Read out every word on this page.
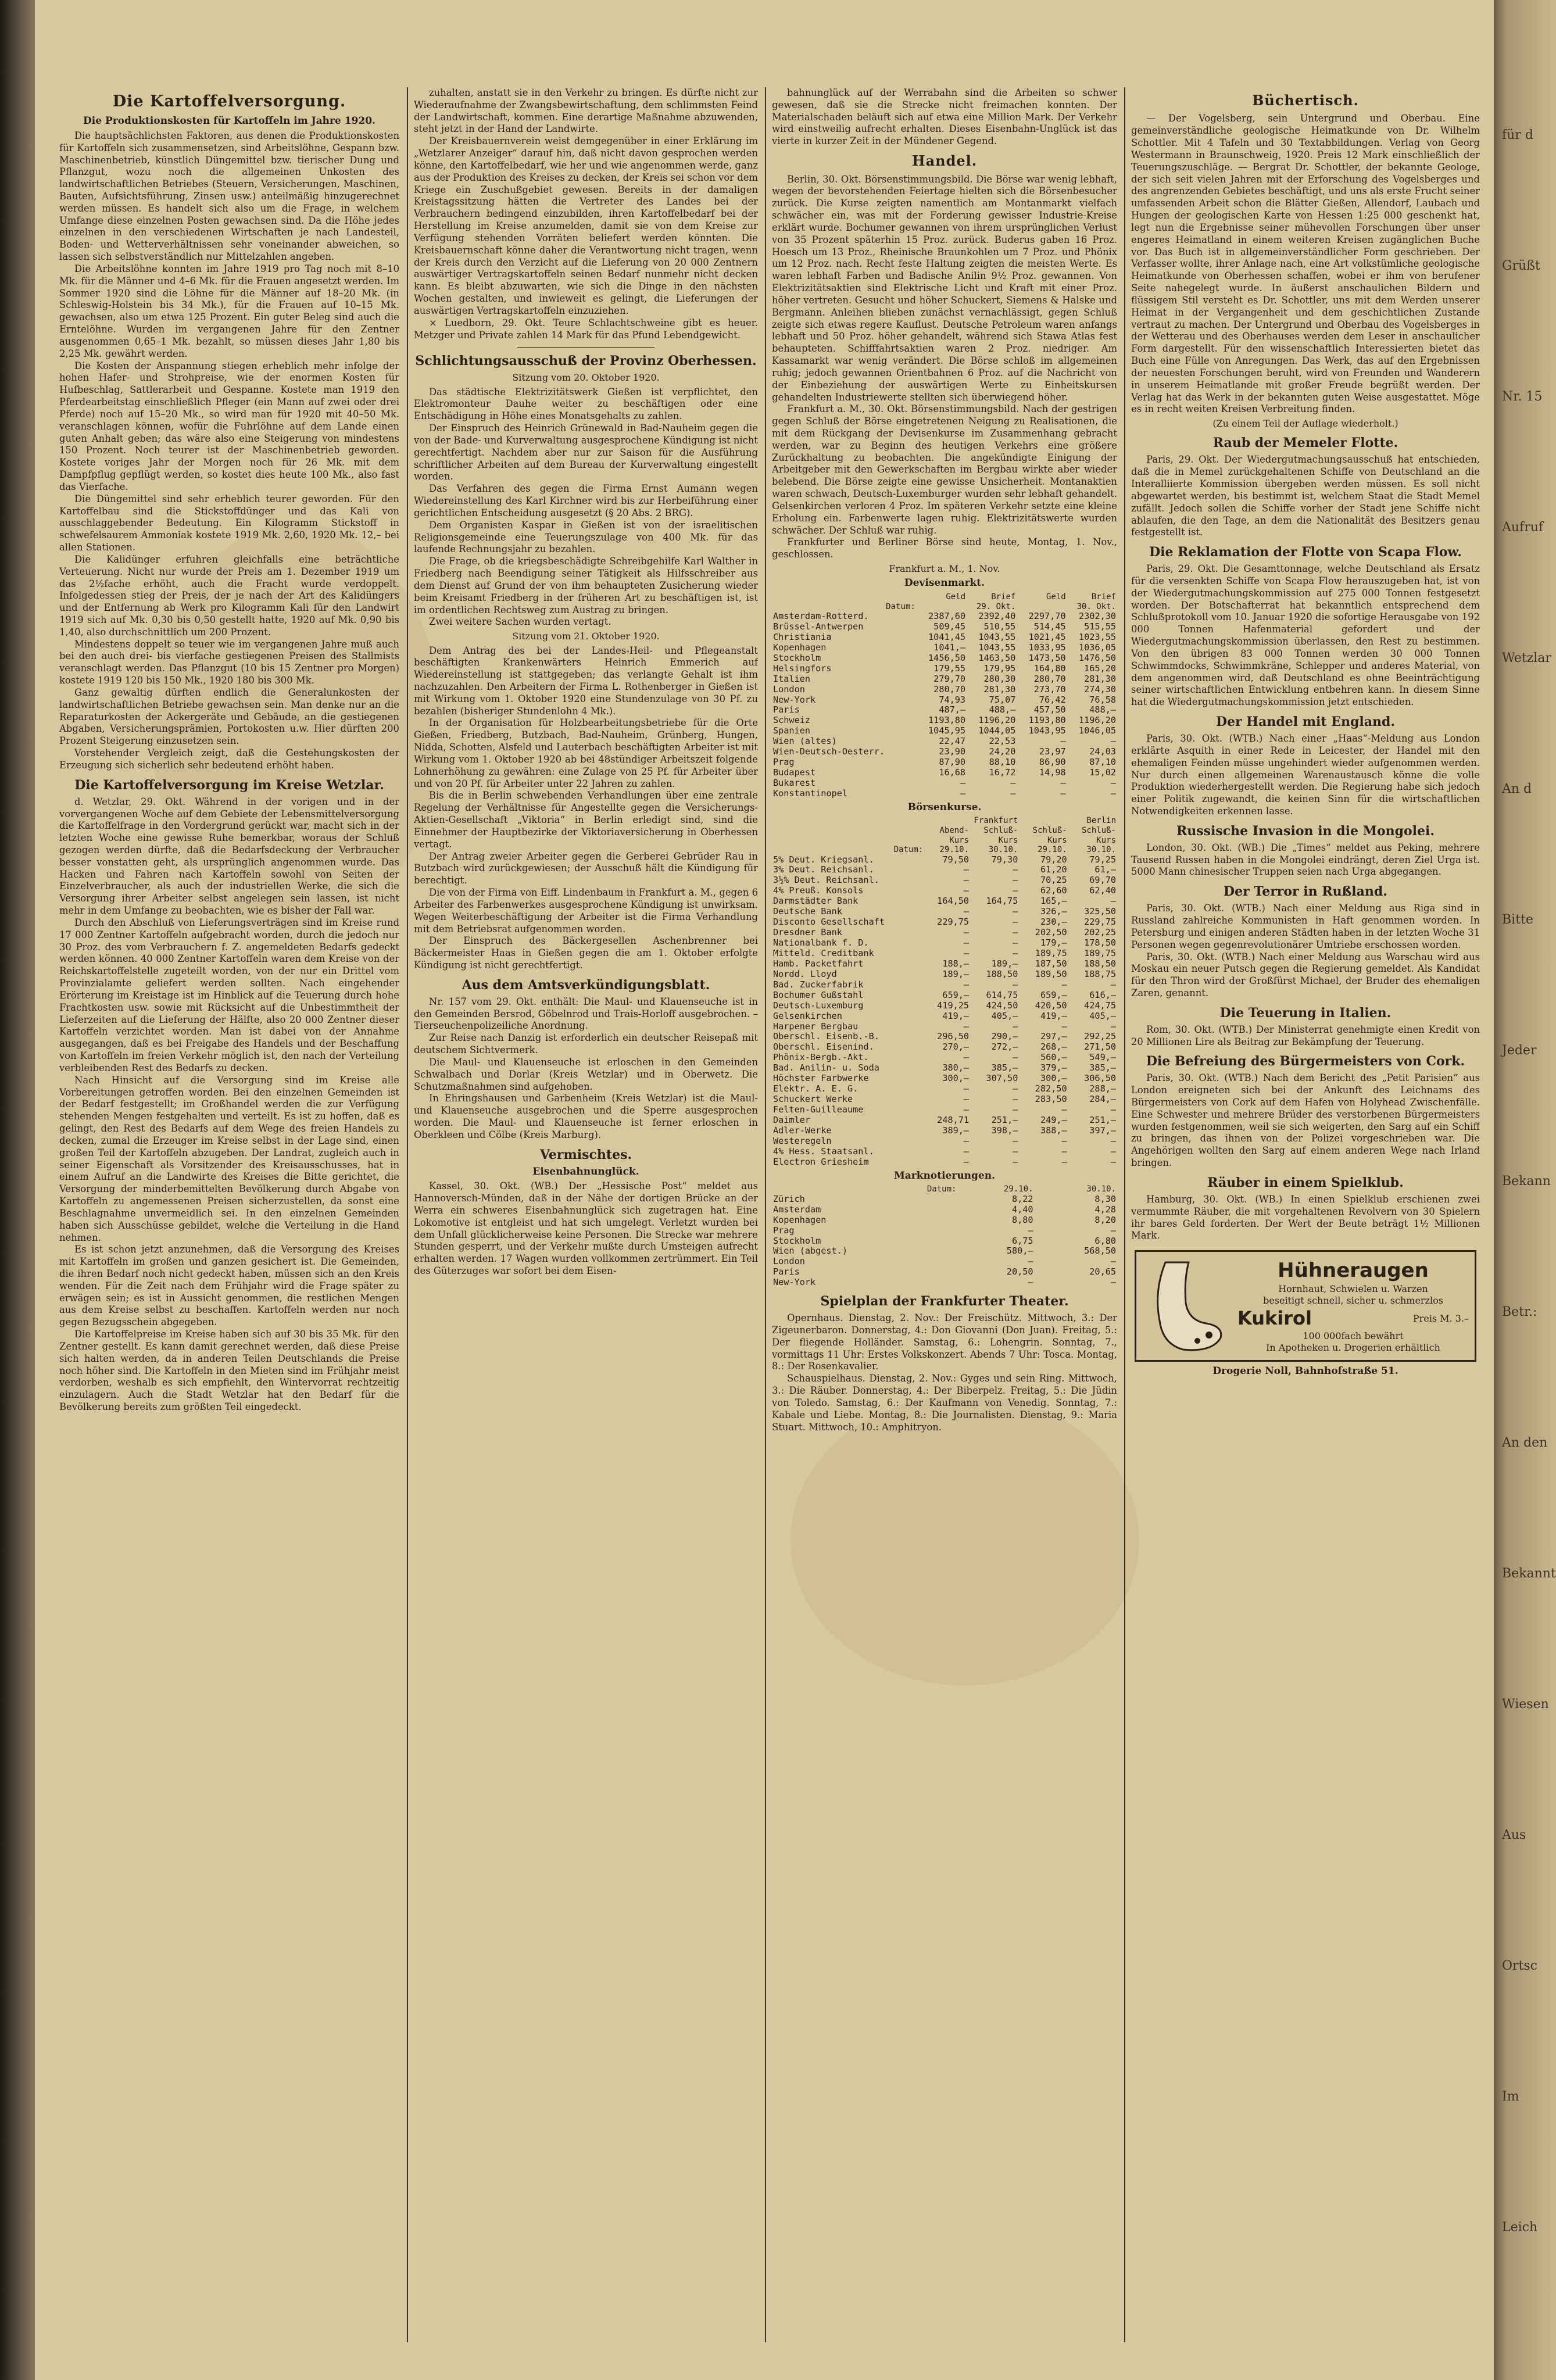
Die Kartoffelversorgung.
Die Produktionskosten für Kartoffeln im Jahre 1920.

Die hauptsächlichsten Faktoren, aus denen die Produktionskosten für Kartoffeln sich zusammensetzen, sind Arbeitslöhne, Gespann bzw. Maschinenbetrieb, künstlich Düngemittel bzw. tierischer Dung und Pflanzgut, wozu noch die allgemeinen Unkosten des landwirtschaftlichen Betriebes (Steuern, Versicherungen, Maschinen, Bauten, Aufsichtsführung, Zinsen usw.) anteilmäßig hinzugerechnet werden müssen. Es handelt sich also um die Frage, in welchem Umfange diese einzelnen Posten gewachsen sind. Da die Höhe jedes einzelnen in den verschiedenen Wirtschaften je nach Landesteil, Boden- und Wetterverhältnissen sehr voneinander abweichen, so lassen sich selbstverständlich nur Mittelzahlen angeben.

Die Arbeitslöhne konnten im Jahre 1919 pro Tag noch mit 8–10 Mk. für die Männer und 4–6 Mk. für die Frauen angesetzt werden. Im Sommer 1920 sind die Löhne für die Männer auf 18–20 Mk. (in Schleswig-Holstein bis 34 Mk.), für die Frauen auf 10–15 Mk. gewachsen, also um etwa 125 Prozent. Ein guter Beleg sind auch die Erntelöhne. Wurden im vergangenen Jahre für den Zentner ausgenommen 0,65–1 Mk. bezahlt, so müssen dieses Jahr 1,80 bis 2,25 Mk. gewährt werden.

Die Kosten der Anspannung stiegen erheblich mehr infolge der hohen Hafer- und Strohpreise, wie der enormen Kosten für Hufbeschlag, Sattlerarbeit und Gespanne. Kostete man 1919 den Pferdearbeitstag einschließlich Pfleger (ein Mann auf zwei oder drei Pferde) noch auf 15–20 Mk., so wird man für 1920 mit 40–50 Mk. veranschlagen können, wofür die Fuhrlöhne auf dem Lande einen guten Anhalt geben; das wäre also eine Steigerung von mindestens 150 Prozent. Noch teurer ist der Maschinenbetrieb geworden. Kostete voriges Jahr der Morgen noch für 26 Mk. mit dem Dampfpflug gepflügt werden, so kostet dies heute 100 Mk., also fast das Vierfache.

Die Düngemittel sind sehr erheblich teurer geworden. Für den Kartoffelbau sind die Stickstoffdünger und das Kali von ausschlaggebender Bedeutung. Ein Kilogramm Stickstoff in schwefelsaurem Ammoniak kostete 1919 Mk. 2,60, 1920 Mk. 12,– bei allen Stationen.

Die Kalidünger erfuhren gleichfalls eine beträchtliche Verteuerung. Nicht nur wurde der Preis am 1. Dezember 1919 um das 2½fache erhöht, auch die Fracht wurde verdoppelt. Infolgedessen stieg der Preis, der je nach der Art des Kalidüngers und der Entfernung ab Werk pro Kilogramm Kali für den Landwirt 1919 sich auf Mk. 0,30 bis 0,50 gestellt hatte, 1920 auf Mk. 0,90 bis 1,40, also durchschnittlich um 200 Prozent.

Mindestens doppelt so teuer wie im vergangenen Jahre muß auch bei den auch drei- bis vierfache gestiegenen Preisen des Stallmists veranschlagt werden. Das Pflanzgut (10 bis 15 Zentner pro Morgen) kostete 1919 120 bis 150 Mk., 1920 180 bis 300 Mk.

Ganz gewaltig dürften endlich die Generalunkosten der landwirtschaftlichen Betriebe gewachsen sein. Man denke nur an die Reparaturkosten der Ackergeräte und Gebäude, an die gestiegenen Abgaben, Versicherungsprämien, Portokosten u.w. Hier dürften 200 Prozent Steigerung einzusetzen sein.

Vorstehender Vergleich zeigt, daß die Gestehungskosten der Erzeugung sich sicherlich sehr bedeutend erhöht haben.

Die Kartoffelversorgung im Kreise Wetzlar.

d. Wetzlar, 29. Okt. Während in der vorigen und in der vorvergangenen Woche auf dem Gebiete der Lebensmittelversorgung die Kartoffelfrage in den Vordergrund gerückt war, macht sich in der letzten Woche eine gewisse Ruhe bemerkbar, woraus der Schluß gezogen werden dürfte, daß die Bedarfsdeckung der Verbraucher besser vonstatten geht, als ursprünglich angenommen wurde. Das Hacken und Fahren nach Kartoffeln sowohl von Seiten der Einzelverbraucher, als auch der industriellen Werke, die sich die Versorgung ihrer Arbeiter selbst angelegen sein lassen, ist nicht mehr in dem Umfange zu beobachten, wie es bisher der Fall war.

Durch den Abschluß von Lieferungsverträgen sind im Kreise rund 17 000 Zentner Kartoffeln aufgebracht worden, durch die jedoch nur 30 Proz. des vom Verbrauchern f. Z. angemeldeten Bedarfs gedeckt werden können. 40 000 Zentner Kartoffeln waren dem Kreise von der Reichskartoffelstelle zugeteilt worden, von der nur ein Drittel vom Provinzialamte geliefert werden sollten. Nach eingehender Erörterung im Kreistage ist im Hinblick auf die Teuerung durch hohe Frachtkosten usw. sowie mit Rücksicht auf die Unbestimmtheit der Lieferzeiten auf die Lieferung der Hälfte, also 20 000 Zentner dieser Kartoffeln verzichtet worden. Man ist dabei von der Annahme ausgegangen, daß es bei Freigabe des Handels und der Beschaffung von Kartoffeln im freien Verkehr möglich ist, den nach der Verteilung verbleibenden Rest des Bedarfs zu decken.

Nach Hinsicht auf die Versorgung sind im Kreise alle Vorbereitungen getroffen worden. Bei den einzelnen Gemeinden ist der Bedarf festgestellt; im Großhandel werden die zur Verfügung stehenden Mengen festgehalten und verteilt. Es ist zu hoffen, daß es gelingt, den Rest des Bedarfs auf dem Wege des freien Handels zu decken, zumal die Erzeuger im Kreise selbst in der Lage sind, einen großen Teil der Kartoffeln abzugeben. Der Landrat, zugleich auch in seiner Eigenschaft als Vorsitzender des Kreisausschusses, hat in einem Aufruf an die Landwirte des Kreises die Bitte gerichtet, die Versorgung der minderbemittelten Bevölkerung durch Abgabe von Kartoffeln zu angemessenen Preisen sicherzustellen, da sonst eine Beschlagnahme unvermeidlich sei. In den einzelnen Gemeinden haben sich Ausschüsse gebildet, welche die Verteilung in die Hand nehmen.

Es ist schon jetzt anzunehmen, daß die Versorgung des Kreises mit Kartoffeln im großen und ganzen gesichert ist. Die Gemeinden, die ihren Bedarf noch nicht gedeckt haben, müssen sich an den Kreis wenden. Für die Zeit nach dem Frühjahr wird die Frage später zu erwägen sein; es ist in Aussicht genommen, die restlichen Mengen aus dem Kreise selbst zu beschaffen. Kartoffeln werden nur noch gegen Bezugsschein abgegeben.

Die Kartoffelpreise im Kreise haben sich auf 30 bis 35 Mk. für den Zentner gestellt. Es kann damit gerechnet werden, daß diese Preise sich halten werden, da in anderen Teilen Deutschlands die Preise noch höher sind. Die Kartoffeln in den Mieten sind im Frühjahr meist verdorben, weshalb es sich empfiehlt, den Wintervorrat rechtzeitig einzulagern. Auch die Stadt Wetzlar hat den Bedarf für die Bevölkerung bereits zum größten Teil eingedeckt.

zuhalten, anstatt sie in den Verkehr zu bringen. Es dürfte nicht zur Wiederaufnahme der Zwangsbewirtschaftung, dem schlimmsten Feind der Landwirtschaft, kommen. Eine derartige Maßnahme abzuwenden, steht jetzt in der Hand der Landwirte.

Der Kreisbauernverein weist demgegenüber in einer Erklärung im „Wetzlarer Anzeiger“ darauf hin, daß nicht davon gesprochen werden könne, den Kartoffelbedarf, wie her und wie angenommen werde, ganz aus der Produktion des Kreises zu decken, der Kreis sei schon vor dem Kriege ein Zuschußgebiet gewesen. Bereits in der damaligen Kreistagssitzung hätten die Vertreter des Landes bei der Verbrauchern bedingend einzubilden, ihren Kartoffelbedarf bei der Herstellung im Kreise anzumelden, damit sie von dem Kreise zur Verfügung stehenden Vorräten beliefert werden könnten. Die Kreisbauernschaft könne daher die Verantwortung nicht tragen, wenn der Kreis durch den Verzicht auf die Lieferung von 20 000 Zentnern auswärtiger Vertragskartoffeln seinen Bedarf nunmehr nicht decken kann. Es bleibt abzuwarten, wie sich die Dinge in den nächsten Wochen gestalten, und inwieweit es gelingt, die Lieferungen der auswärtigen Vertragskartoffeln einzuziehen.

⨯ Luedborn, 29. Okt. Teure Schlachtschweine gibt es heuer. Metzger und Private zahlen 14 Mark für das Pfund Lebendgewicht.

Schlichtungsausschuß der Provinz Oberhessen.
Sitzung vom 20. Oktober 1920.

Das städtische Elektrizitätswerk Gießen ist verpflichtet, den Elektromonteur Dauhe weiter zu beschäftigen oder eine Entschädigung in Höhe eines Monatsgehalts zu zahlen.

Der Einspruch des Heinrich Grünewald in Bad-Nauheim gegen die von der Bade- und Kurverwaltung ausgesprochene Kündigung ist nicht gerechtfertigt. Nachdem aber nur zur Saison für die Ausführung schriftlicher Arbeiten auf dem Bureau der Kurverwaltung eingestellt worden.

Das Verfahren des gegen die Firma Ernst Aumann wegen Wiedereinstellung des Karl Kirchner wird bis zur Herbeiführung einer gerichtlichen Entscheidung ausgesetzt (§ 20 Abs. 2 BRG).

Dem Organisten Kaspar in Gießen ist von der israelitischen Religionsgemeinde eine Teuerungszulage von 400 Mk. für das laufende Rechnungsjahr zu bezahlen.

Die Frage, ob die kriegsbeschädigte Schreibgehilfe Karl Walther in Friedberg nach Beendigung seiner Tätigkeit als Hilfsschreiber aus dem Dienst auf Grund der von ihm behaupteten Zusicherung wieder beim Kreisamt Friedberg in der früheren Art zu beschäftigen ist, ist im ordentlichen Rechtsweg zum Austrag zu bringen.

Zwei weitere Sachen wurden vertagt.

Sitzung vom 21. Oktober 1920.

Dem Antrag des bei der Landes-Heil- und Pflegeanstalt beschäftigten Krankenwärters Heinrich Emmerich auf Wiedereinstellung ist stattgegeben; das verlangte Gehalt ist ihm nachzuzahlen. Den Arbeitern der Firma L. Rothenberger in Gießen ist mit Wirkung vom 1. Oktober 1920 eine Stundenzulage von 30 Pf. zu bezahlen (bisheriger Stundenlohn 4 Mk.).

In der Organisation für Holzbearbeitungsbetriebe für die Orte Gießen, Friedberg, Butzbach, Bad-Nauheim, Grünberg, Hungen, Nidda, Schotten, Alsfeld und Lauterbach beschäftigten Arbeiter ist mit Wirkung vom 1. Oktober 1920 ab bei 48stündiger Arbeitszeit folgende Lohnerhöhung zu gewähren: eine Zulage von 25 Pf. für Arbeiter über und von 20 Pf. für Arbeiter unter 22 Jahren zu zahlen.

Bis die in Berlin schwebenden Verhandlungen über eine zentrale Regelung der Verhältnisse für Angestellte gegen die Versicherungs-Aktien-Gesellschaft „Viktoria“ in Berlin erledigt sind, sind die Einnehmer der Hauptbezirke der Viktoriaversicherung in Oberhessen vertagt.

Der Antrag zweier Arbeiter gegen die Gerberei Gebrüder Rau in Butzbach wird zurückgewiesen; der Ausschuß hält die Kündigung für berechtigt.

Die von der Firma von Eiff. Lindenbaum in Frankfurt a. M., gegen 6 Arbeiter des Farbenwerkes ausgesprochene Kündigung ist unwirksam. Wegen Weiterbeschäftigung der Arbeiter ist die Firma Verhandlung mit dem Betriebsrat aufgenommen worden.

Der Einspruch des Bäckergesellen Aschenbrenner bei Bäckermeister Haas in Gießen gegen die am 1. Oktober erfolgte Kündigung ist nicht gerechtfertigt.

Aus dem Amtsverkündigungsblatt.

Nr. 157 vom 29. Okt. enthält: Die Maul- und Klauenseuche ist in den Gemeinden Bersrod, Göbelnrod und Trais-Horloff ausgebrochen. – Tierseuchenpolizeiliche Anordnung.

Zur Reise nach Danzig ist erforderlich ein deutscher Reisepaß mit deutschem Sichtvermerk.

Die Maul- und Klauenseuche ist erloschen in den Gemeinden Schwalbach und Dorlar (Kreis Wetzlar) und in Oberwetz. Die Schutzmaßnahmen sind aufgehoben.

In Ehringshausen und Garbenheim (Kreis Wetzlar) ist die Maul- und Klauenseuche ausgebrochen und die Sperre ausgesprochen worden. Die Maul- und Klauenseuche ist ferner erloschen in Oberkleen und Cölbe (Kreis Marburg).

Vermischtes.
Eisenbahnunglück.

Kassel, 30. Okt. (WB.) Der „Hessische Post“ meldet aus Hannoversch-Münden, daß in der Nähe der dortigen Brücke an der Werra ein schweres Eisenbahnunglück sich zugetragen hat. Eine Lokomotive ist entgleist und hat sich umgelegt. Verletzt wurden bei dem Unfall glücklicherweise keine Personen. Die Strecke war mehrere Stunden gesperrt, und der Verkehr mußte durch Umsteigen aufrecht erhalten werden. 17 Wagen wurden vollkommen zertrümmert. Ein Teil des Güterzuges war sofort bei dem Eisen-

bahnunglück auf der Werrabahn sind die Arbeiten so schwer gewesen, daß sie die Strecke nicht freimachen konnten. Der Materialschaden beläuft sich auf etwa eine Million Mark. Der Verkehr wird einstweilig aufrecht erhalten. Dieses Eisenbahn-Unglück ist das vierte in kurzer Zeit in der Mündener Gegend.

Handel.

Berlin, 30. Okt. Börsenstimmungsbild. Die Börse war wenig lebhaft, wegen der bevorstehenden Feiertage hielten sich die Börsenbesucher zurück. Die Kurse zeigten namentlich am Montanmarkt vielfach schwächer ein, was mit der Forderung gewisser Industrie-Kreise erklärt wurde. Bochumer gewannen von ihrem ursprünglichen Verlust von 35 Prozent späterhin 15 Proz. zurück. Buderus gaben 16 Proz. Hoesch um 13 Proz., Rheinische Braunkohlen um 7 Proz. und Phönix um 12 Proz. nach. Recht feste Haltung zeigten die meisten Werte. Es waren lebhaft Farben und Badische Anilin 9½ Proz. gewannen. Von Elektrizitätsaktien sind Elektrische Licht und Kraft mit einer Proz. höher vertreten. Gesucht und höher Schuckert, Siemens & Halske und Bergmann. Anleihen blieben zunächst vernachlässigt, gegen Schluß zeigte sich etwas regere Kauflust. Deutsche Petroleum waren anfangs lebhaft und 50 Proz. höher gehandelt, während sich Stawa Atlas fest behaupteten. Schifffahrtsaktien waren 2 Proz. niedriger. Am Kassamarkt war wenig verändert. Die Börse schloß im allgemeinen ruhig; jedoch gewannen Orientbahnen 6 Proz. auf die Nachricht von der Einbeziehung der auswärtigen Werte zu Einheitskursen gehandelten Industriewerte stellten sich überwiegend höher.

Frankfurt a. M., 30. Okt. Börsenstimmungsbild. Nach der gestrigen gegen Schluß der Börse eingetretenen Neigung zu Realisationen, die mit dem Rückgang der Devisenkurse im Zusammenhang gebracht werden, war zu Beginn des heutigen Verkehrs eine größere Zurückhaltung zu beobachten. Die angekündigte Einigung der Arbeitgeber mit den Gewerkschaften im Bergbau wirkte aber wieder belebend. Die Börse zeigte eine gewisse Unsicherheit. Montanaktien waren schwach, Deutsch-Luxemburger wurden sehr lebhaft gehandelt. Gelsenkirchen verloren 4 Proz. Im späteren Verkehr setzte eine kleine Erholung ein. Farbenwerte lagen ruhig. Elektrizitätswerte wurden schwächer. Der Schluß war ruhig.

Frankfurter und Berliner Börse sind heute, Montag, 1. Nov., geschlossen.

Frankfurt a. M., 1. Nov.
Devisenmarkt.
	Geld	Brief	Geld	Brief
Datum:	29. Okt.		30. Okt.	
Amsterdam-Rotterd.	2387,60	2392,40	2297,70	2302,30
Brüssel-Antwerpen	509,45	510,55	514,45	515,55
Christiania	1041,45	1043,55	1021,45	1023,55
Kopenhagen	1041,–	1043,55	1033,95	1036,05
Stockholm	1456,50	1463,50	1473,50	1476,50
Helsingfors	179,55	179,95	164,80	165,20
Italien	279,70	280,30	280,70	281,30
London	280,70	281,30	273,70	274,30
New-York	74,93	75,07	76,42	76,58
Paris	487,–	488,–	457,50	488,–
Schweiz	1193,80	1196,20	1193,80	1196,20
Spanien	1045,95	1044,05	1043,95	1046,05
Wien (altes)	22,47	22,53	–	–
Wien-Deutsch-Oesterr.	23,90	24,20	23,97	24,03
Prag	87,90	88,10	86,90	87,10
Budapest	16,68	16,72	14,98	15,02
Bukarest	–	–	–	–
Konstantinopel	–	–	–	–
Börsenkurse.
	Frankfurt		Berlin	
	Abend-	Schluß-	Schluß-	Schluß-
	Kurs	Kurs	Kurs	Kurs
Datum:	29.10.	30.10.	29.10.	30.10.
5% Deut. Kriegsanl.	79,50	79,30	79,20	79,25
3% Deut. Reichsanl.	–	–	61,20	61,–
3½% Deut. Reichsanl.	–	–	70,25	69,70
4% Preuß. Konsols	–	–	62,60	62,40
Darmstädter Bank	164,50	164,75	165,–	–
Deutsche Bank	–	–	326,–	325,50
Disconto Gesellschaft	229,75	–	230,–	229,75
Dresdner Bank	–	–	202,50	202,25
Nationalbank f. D.	–	–	179,–	178,50
Mitteld. Creditbank	–	–	189,75	189,75
Hamb. Packetfahrt	188,–	189,–	187,50	188,50
Nordd. Lloyd	189,–	188,50	189,50	188,75
Bad. Zuckerfabrik	–	–	–	–
Bochumer Gußstahl	659,–	614,75	659,–	616,–
Deutsch-Luxemburg	419,25	424,50	420,50	424,75
Gelsenkirchen	419,–	405,–	419,–	405,–
Harpener Bergbau	–	–	–	–
Oberschl. Eisenb.-B.	296,50	290,–	297,–	292,25
Oberschl. Eisenind.	270,–	272,–	268,–	271,50
Phönix-Bergb.-Akt.	–	–	560,–	549,–
Bad. Anilin- u. Soda	380,–	385,–	379,–	385,–
Höchster Farbwerke	300,–	307,50	300,–	306,50
Elektr. A. E. G.	–	–	282,50	288,–
Schuckert Werke	–	–	283,50	284,–
Felten-Guilleaume	–	–	–	–
Daimler	248,71	251,–	249,–	251,–
Adler-Werke	389,–	398,–	388,–	397,–
Westeregeln	–	–	–	–
4% Hess. Staatsanl.	–	–	–	–
Electron Griesheim	–	–	–	–
Marknotierungen.
Datum:	29.10.	30.10.
Zürich	8,22	8,30
Amsterdam	4,40	4,28
Kopenhagen	8,80	8,20
Prag	–	–
Stockholm	6,75	6,80
Wien (abgest.)	580,–	568,50
London	–	–
Paris	20,50	20,65
New-York	–	–
Spielplan der Frankfurter Theater.

Opernhaus. Dienstag, 2. Nov.: Der Freischütz. Mittwoch, 3.: Der Zigeunerbaron. Donnerstag, 4.: Don Giovanni (Don Juan). Freitag, 5.: Der fliegende Holländer. Samstag, 6.: Lohengrin. Sonntag, 7., vormittags 11 Uhr: Erstes Volkskonzert. Abends 7 Uhr: Tosca. Montag, 8.: Der Rosenkavalier.

Schauspielhaus. Dienstag, 2. Nov.: Gyges und sein Ring. Mittwoch, 3.: Die Räuber. Donnerstag, 4.: Der Biberpelz. Freitag, 5.: Die Jüdin von Toledo. Samstag, 6.: Der Kaufmann von Venedig. Sonntag, 7.: Kabale und Liebe. Montag, 8.: Die Journalisten. Dienstag, 9.: Maria Stuart. Mittwoch, 10.: Amphitryon.

Büchertisch.

— Der Vogelsberg, sein Untergrund und Oberbau. Eine gemeinverständliche geologische Heimatkunde von Dr. Wilhelm Schottler. Mit 4 Tafeln und 30 Textabbildungen. Verlag von Georg Westermann in Braunschweig, 1920. Preis 12 Mark einschließlich der Teuerungszuschläge. — Bergrat Dr. Schottler, der bekannte Geologe, der sich seit vielen Jahren mit der Erforschung des Vogelsberges und des angrenzenden Gebietes beschäftigt, und uns als erste Frucht seiner umfassenden Arbeit schon die Blätter Gießen, Allendorf, Laubach und Hungen der geologischen Karte von Hessen 1:25 000 geschenkt hat, legt nun die Ergebnisse seiner mühevollen Forschungen über unser engeres Heimatland in einem weiteren Kreisen zugänglichen Buche vor. Das Buch ist in allgemeinverständlicher Form geschrieben. Der Verfasser wollte, ihrer Anlage nach, eine Art volkstümliche geologische Heimatkunde von Oberhessen schaffen, wobei er ihm von berufener Seite nahegelegt wurde. In äußerst anschaulichen Bildern und flüssigem Stil versteht es Dr. Schottler, uns mit dem Werden unserer Heimat in der Vergangenheit und dem geschichtlichen Zustande vertraut zu machen. Der Untergrund und Oberbau des Vogelsberges in der Wetterau und des Oberhauses werden dem Leser in anschaulicher Form dargestellt. Für den wissenschaftlich Interessierten bietet das Buch eine Fülle von Anregungen. Das Werk, das auf den Ergebnissen der neuesten Forschungen beruht, wird von Freunden und Wanderern in unserem Heimatlande mit großer Freude begrüßt werden. Der Verlag hat das Werk in der bekannten guten Weise ausgestattet. Möge es in recht weiten Kreisen Verbreitung finden.

(Zu einem Teil der Auflage wiederholt.)
Raub der Memeler Flotte.

Paris, 29. Okt. Der Wiedergutmachungsausschuß hat entschieden, daß die in Memel zurückgehaltenen Schiffe von Deutschland an die Interalliierte Kommission übergeben werden müssen. Es soll nicht abgewartet werden, bis bestimmt ist, welchem Staat die Stadt Memel zufällt. Jedoch sollen die Schiffe vorher der Stadt jene Schiffe nicht ablaufen, die den Tage, an dem die Nationalität des Besitzers genau festgestellt ist.

Die Reklamation der Flotte von Scapa Flow.

Paris, 29. Okt. Die Gesamttonnage, welche Deutschland als Ersatz für die versenkten Schiffe von Scapa Flow herauszugeben hat, ist von der Wiedergutmachungskommission auf 275 000 Tonnen festgesetzt worden. Der Botschafterrat hat bekanntlich entsprechend dem Schlußprotokoll vom 10. Januar 1920 die sofortige Herausgabe von 192 000 Tonnen Hafenmaterial gefordert und der Wiedergutmachungskommission überlassen, den Rest zu bestimmen. Von den übrigen 83 000 Tonnen werden 30 000 Tonnen Schwimmdocks, Schwimmkräne, Schlepper und anderes Material, von dem angenommen wird, daß Deutschland es ohne Beeinträchtigung seiner wirtschaftlichen Entwicklung entbehren kann. In diesem Sinne hat die Wiedergutmachungskommission jetzt entschieden.

Der Handel mit England.

Paris, 30. Okt. (WTB.) Nach einer „Haas“-Meldung aus London erklärte Asquith in einer Rede in Leicester, der Handel mit den ehemaligen Feinden müsse ungehindert wieder aufgenommen werden. Nur durch einen allgemeinen Warenaustausch könne die volle Produktion wiederhergestellt werden. Die Regierung habe sich jedoch einer Politik zugewandt, die keinen Sinn für die wirtschaftlichen Notwendigkeiten erkennen lasse.

Russische Invasion in die Mongolei.

London, 30. Okt. (WB.) Die „Times“ meldet aus Peking, mehrere Tausend Russen haben in die Mongolei eindrängt, deren Ziel Urga ist. 5000 Mann chinesischer Truppen seien nach Urga abgegangen.

Der Terror in Rußland.

Paris, 30. Okt. (WTB.) Nach einer Meldung aus Riga sind in Russland zahlreiche Kommunisten in Haft genommen worden. In Petersburg und einigen anderen Städten haben in der letzten Woche 31 Personen wegen gegenrevolutionärer Umtriebe erschossen worden.

Paris, 30. Okt. (WTB.) Nach einer Meldung aus Warschau wird aus Moskau ein neuer Putsch gegen die Regierung gemeldet. Als Kandidat für den Thron wird der Großfürst Michael, der Bruder des ehemaligen Zaren, genannt.

Die Teuerung in Italien.

Rom, 30. Okt. (WTB.) Der Ministerrat genehmigte einen Kredit von 20 Millionen Lire als Beitrag zur Bekämpfung der Teuerung.

Die Befreiung des Bürgermeisters von Cork.

Paris, 30. Okt. (WTB.) Nach dem Bericht des „Petit Parisien“ aus London ereigneten sich bei der Ankunft des Leichnams des Bürgermeisters von Cork auf dem Hafen von Holyhead Zwischenfälle. Eine Schwester und mehrere Brüder des verstorbenen Bürgermeisters wurden festgenommen, weil sie sich weigerten, den Sarg auf ein Schiff zu bringen, das ihnen von der Polizei vorgeschrieben war. Die Angehörigen wollten den Sarg auf einem anderen Wege nach Irland bringen.

Räuber in einem Spielklub.

Hamburg, 30. Okt. (WB.) In einen Spielklub erschienen zwei vermummte Räuber, die mit vorgehaltenen Revolvern von 30 Spielern ihr bares Geld forderten. Der Wert der Beute beträgt 1½ Millionen Mark.

Hühneraugen
Hornhaut, Schwielen u. Warzen
beseitigt schnell, sicher u. schmerzlos
Kukirol	Preis M. 3.–
100 000fach bewährt
In Apotheken u. Drogerien erhältlich
Drogerie Noll, Bahnhofstraße 51.
für d
Grüßt
Nr. 15
Aufruf
Wetzlar
An d
Bitte
Jeder
Bekann
Betr.:
An den
Bekannt
Wiesen
Aus
Ortsc
Im
Leich
